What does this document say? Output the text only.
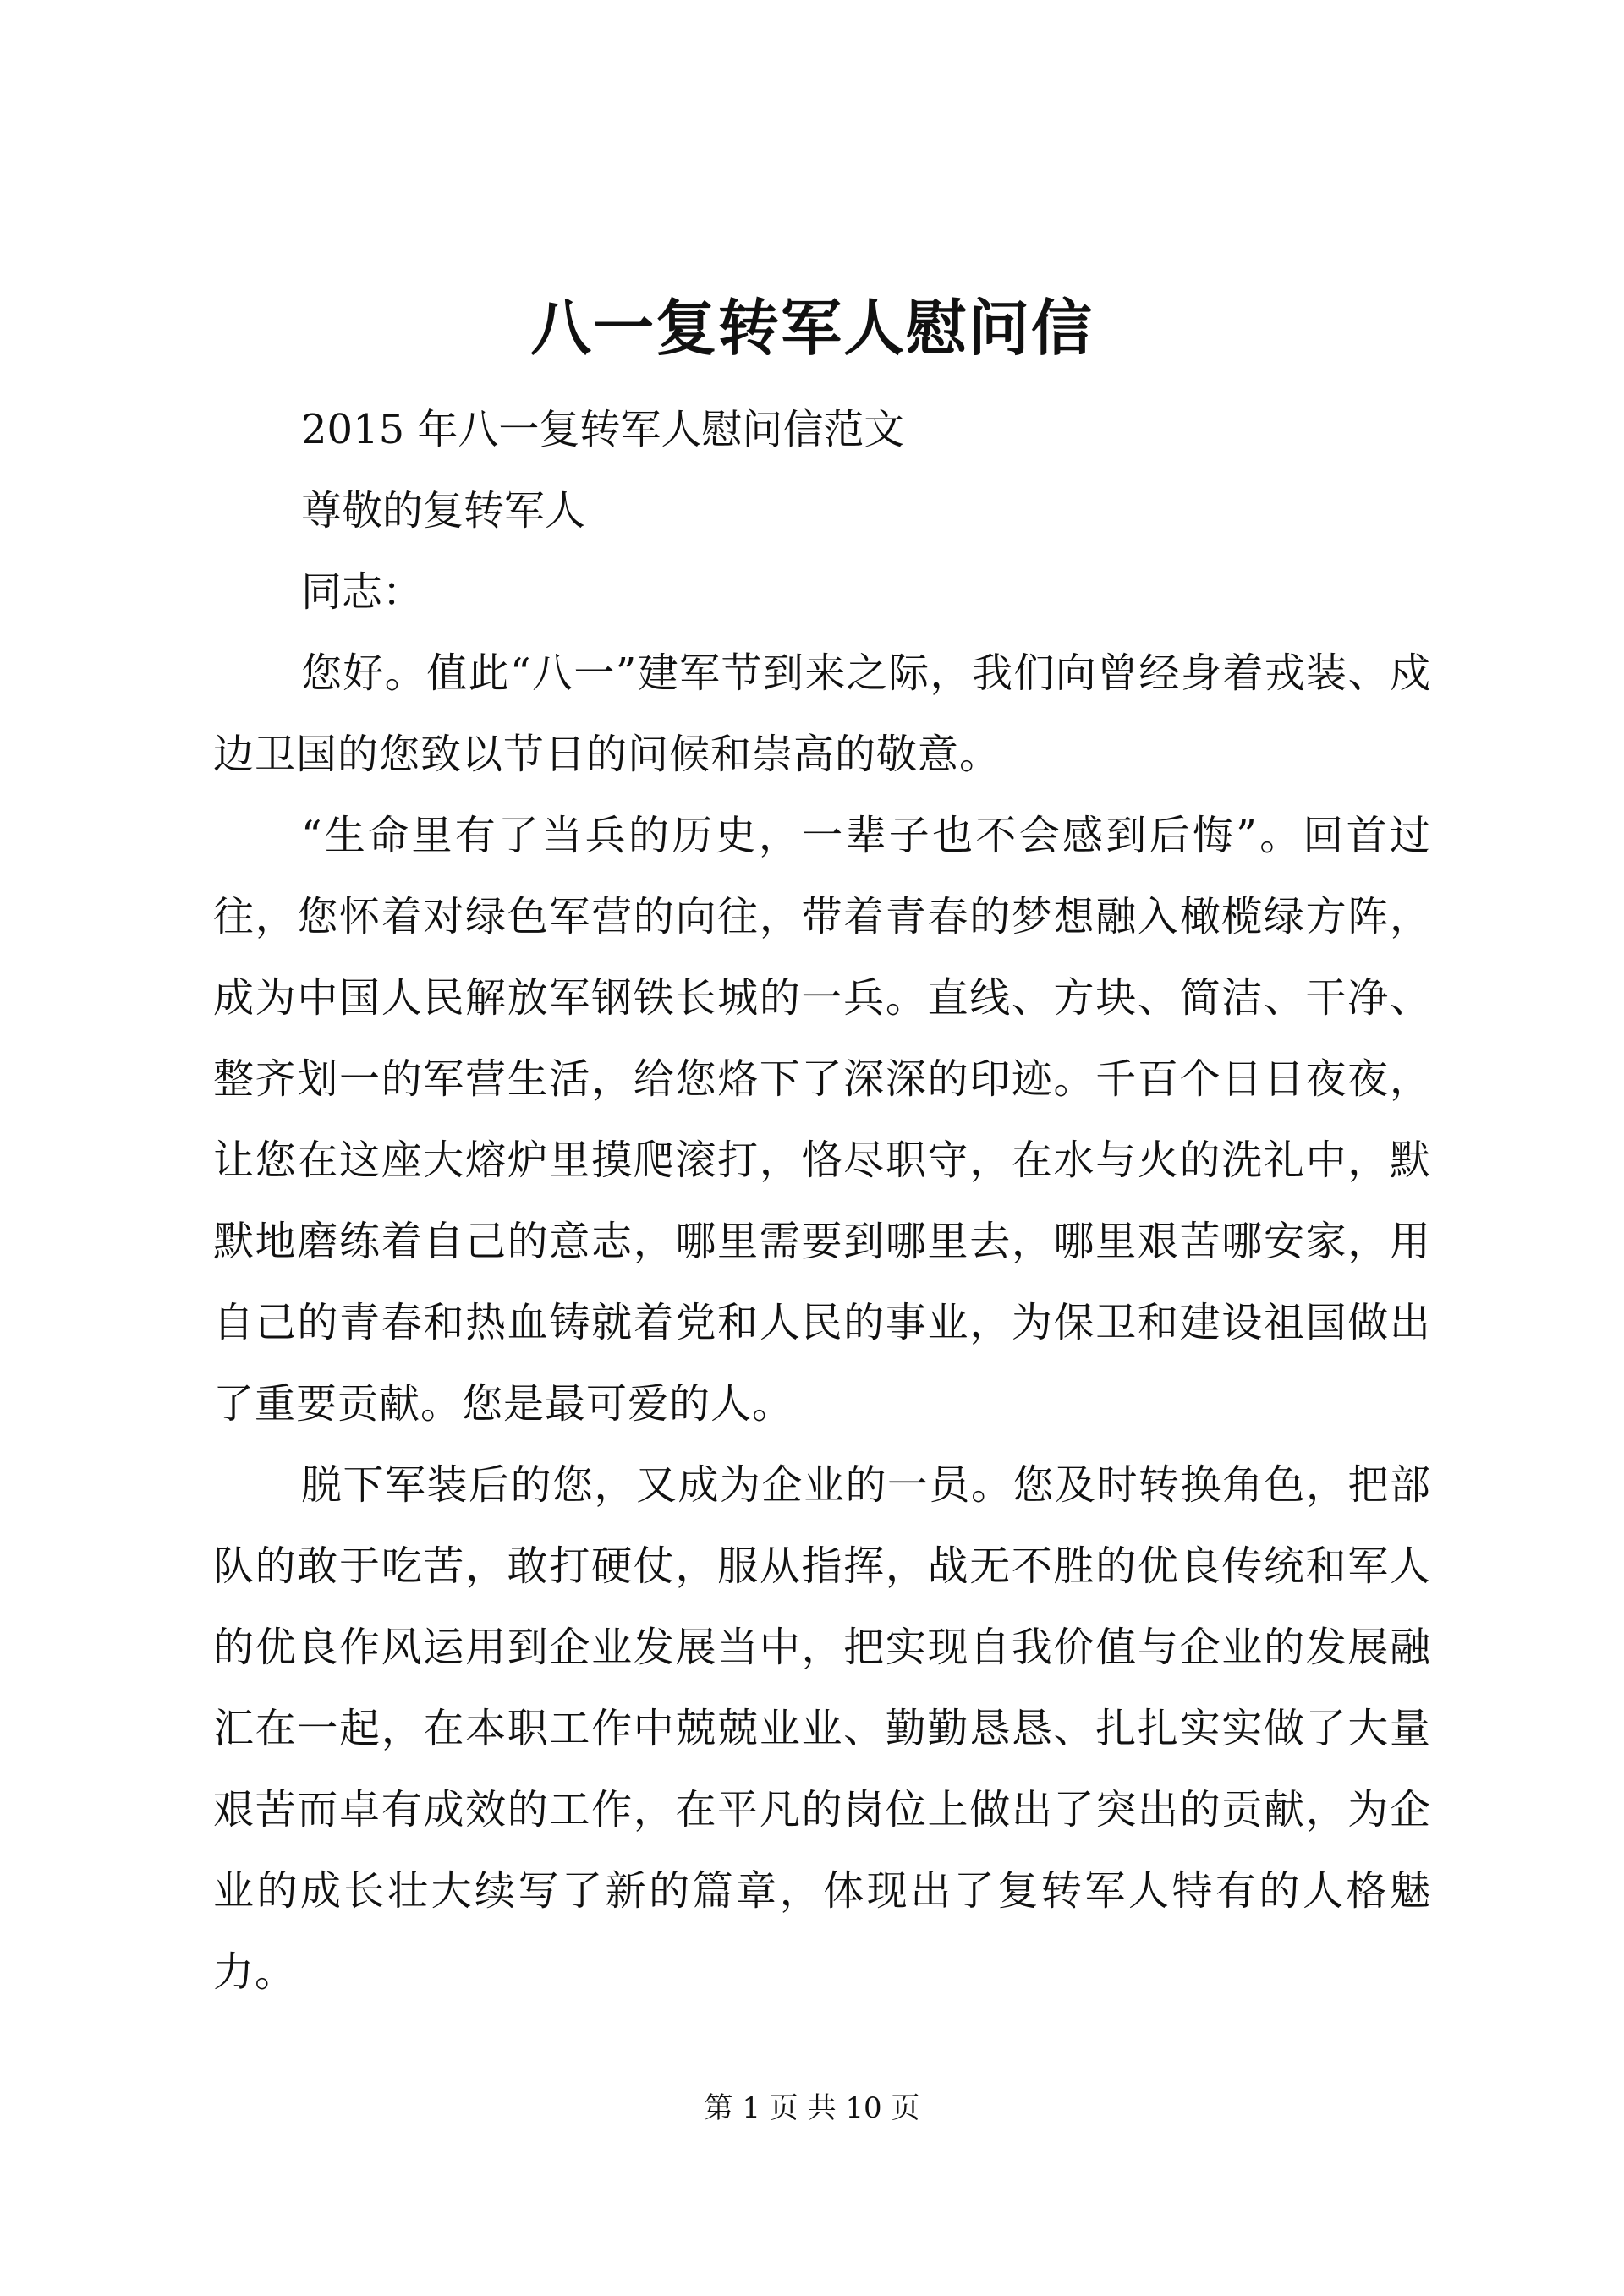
八一复转军人慰问信

2015 年八一复转军人慰问信范文

尊敬的复转军人

同志：

您好。值此“八一”建军节到来之际，我们向曾经身着戎装、戍边卫国的您致以节日的问候和崇高的敬意。

“生命里有了当兵的历史，一辈子也不会感到后悔”。回首过往，您怀着对绿色军营的向往，带着青春的梦想融入橄榄绿方阵，成为中国人民解放军钢铁长城的一兵。直线、方块、简洁、干净、整齐划一的军营生活，给您烙下了深深的印迹。千百个日日夜夜，让您在这座大熔炉里摸爬滚打，恪尽职守，在水与火的洗礼中，默默地磨练着自己的意志，哪里需要到哪里去，哪里艰苦哪安家，用自己的青春和热血铸就着党和人民的事业，为保卫和建设祖国做出了重要贡献。您是最可爱的人。

脱下军装后的您，又成为企业的一员。您及时转换角色，把部队的敢于吃苦，敢打硬仗，服从指挥，战无不胜的优良传统和军人的优良作风运用到企业发展当中，把实现自我价值与企业的发展融汇在一起，在本职工作中兢兢业业、勤勤恳恳、扎扎实实做了大量艰苦而卓有成效的工作，在平凡的岗位上做出了突出的贡献，为企业的成长壮大续写了新的篇章，体现出了复转军人特有的人格魅力。

第 1 页 共 10 页
